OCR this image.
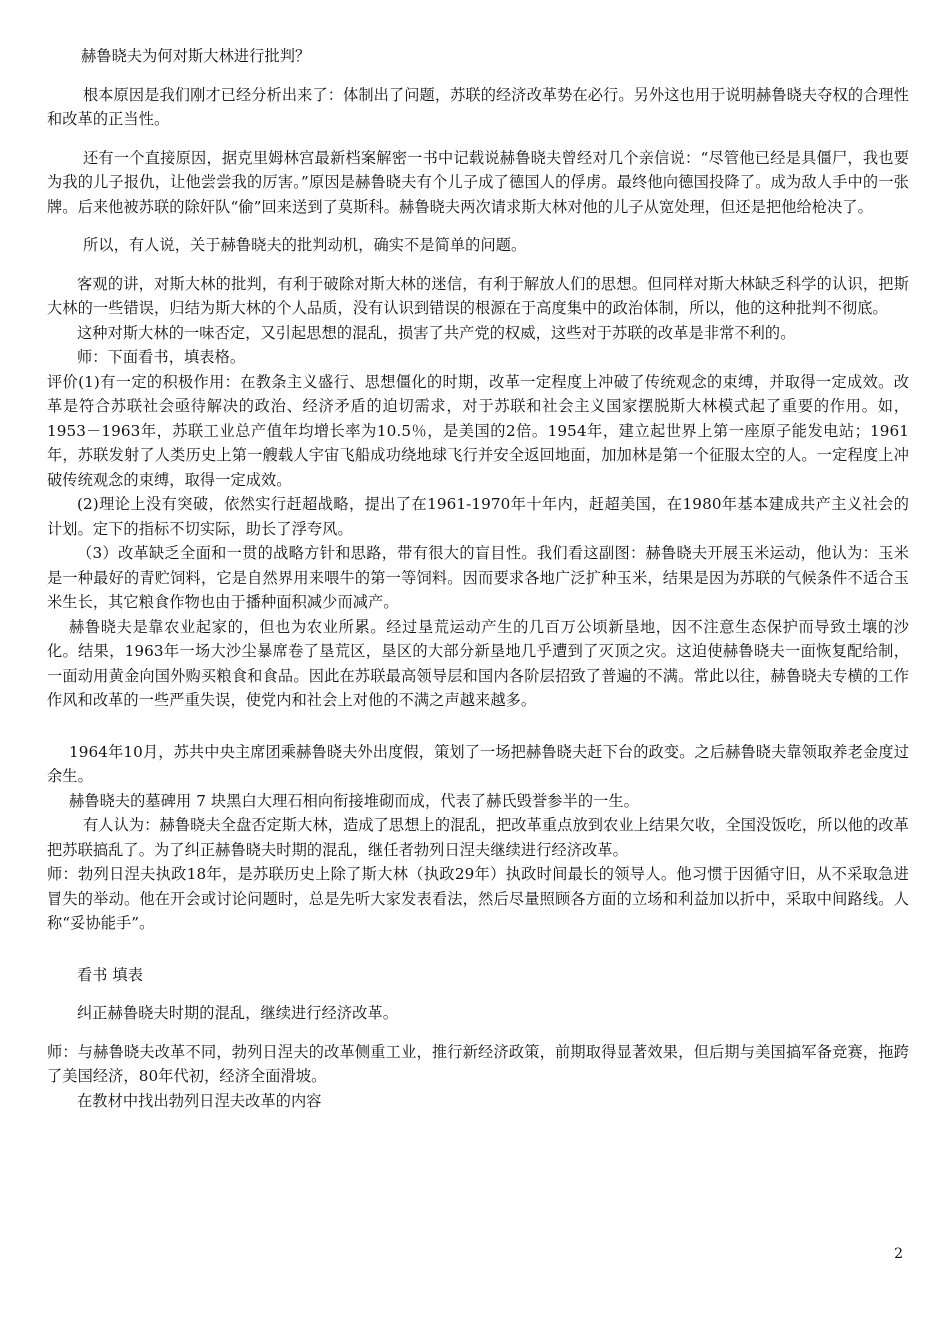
赫鲁晓夫为何对斯大林进行批判？

根本原因是我们刚才已经分析出来了：体制出了问题，苏联的经济改革势在必行。另外这也用于说明赫鲁晓夫夺权的合理性和改革的正当性。

还有一个直接原因，据克里姆林宫最新档案解密一书中记载说赫鲁晓夫曾经对几个亲信说：“尽管他已经是具僵尸，我也要为我的儿子报仇，让他尝尝我的厉害。”原因是赫鲁晓夫有个儿子成了德国人的俘虏。最终他向德国投降了。成为敌人手中的一张牌。后来他被苏联的除奸队“偷”回来送到了莫斯科。赫鲁晓夫两次请求斯大林对他的儿子从宽处理，但还是把他给枪决了。

所以，有人说，关于赫鲁晓夫的批判动机，确实不是简单的问题。

客观的讲，对斯大林的批判，有利于破除对斯大林的迷信，有利于解放人们的思想。但同样对斯大林缺乏科学的认识，把斯大林的一些错误，归结为斯大林的个人品质，没有认识到错误的根源在于高度集中的政治体制，所以，他的这种批判不彻底。

这种对斯大林的一味否定，又引起思想的混乱，损害了共产党的权威，这些对于苏联的改革是非常不利的。

师：下面看书，填表格。

评价(1)有一定的积极作用：在教条主义盛行、思想僵化的时期，改革一定程度上冲破了传统观念的束缚，并取得一定成效。改革是符合苏联社会亟待解决的政治、经济矛盾的迫切需求，对于苏联和社会主义国家摆脱斯大林模式起了重要的作用。如，1953－1963年，苏联工业总产值年均增长率为10.5％，是美国的2倍。1954年，建立起世界上第一座原子能发电站；1961年，苏联发射了人类历史上第一艘载人宇宙飞船成功绕地球飞行并安全返回地面，加加林是第一个征服太空的人。一定程度上冲破传统观念的束缚，取得一定成效。

(2)理论上没有突破，依然实行赶超战略，提出了在1961-1970年十年内，赶超美国，在1980年基本建成共产主义社会的计划。定下的指标不切实际，助长了浮夸风。

（3）改革缺乏全面和一贯的战略方针和思路，带有很大的盲目性。我们看这副图：赫鲁晓夫开展玉米运动，他认为：玉米是一种最好的青贮饲料，它是自然界用来喂牛的第一等饲料。因而要求各地广泛扩种玉米，结果是因为苏联的气候条件不适合玉米生长，其它粮食作物也由于播种面积减少而减产。

赫鲁晓夫是靠农业起家的，但也为农业所累。经过垦荒运动产生的几百万公顷新垦地，因不注意生态保护而导致土壤的沙化。结果，1963年一场大沙尘暴席卷了垦荒区，垦区的大部分新垦地几乎遭到了灭顶之灾。这迫使赫鲁晓夫一面恢复配给制，一面动用黄金向国外购买粮食和食品。因此在苏联最高领导层和国内各阶层招致了普遍的不满。常此以往，赫鲁晓夫专横的工作作风和改革的一些严重失误，使党内和社会上对他的不满之声越来越多。

1964年10月，苏共中央主席团乘赫鲁晓夫外出度假，策划了一场把赫鲁晓夫赶下台的政变。之后赫鲁晓夫靠领取养老金度过余生。

赫鲁晓夫的墓碑用 7 块黑白大理石相向衔接堆砌而成，代表了赫氏毁誉参半的一生。

有人认为：赫鲁晓夫全盘否定斯大林，造成了思想上的混乱，把改革重点放到农业上结果欠收，全国没饭吃，所以他的改革把苏联搞乱了。为了纠正赫鲁晓夫时期的混乱，继任者勃列日涅夫继续进行经济改革。

师：勃列日涅夫执政18年，是苏联历史上除了斯大林（执政29年）执政时间最长的领导人。他习惯于因循守旧，从不采取急进冒失的举动。他在开会或讨论问题时，总是先听大家发表看法，然后尽量照顾各方面的立场和利益加以折中，采取中间路线。人称“妥协能手”。

看书 填表

纠正赫鲁晓夫时期的混乱，继续进行经济改革。

师：与赫鲁晓夫改革不同，勃列日涅夫的改革侧重工业，推行新经济政策，前期取得显著效果，但后期与美国搞军备竞赛，拖跨了美国经济，80年代初，经济全面滑坡。

在教材中找出勃列日涅夫改革的内容

2
